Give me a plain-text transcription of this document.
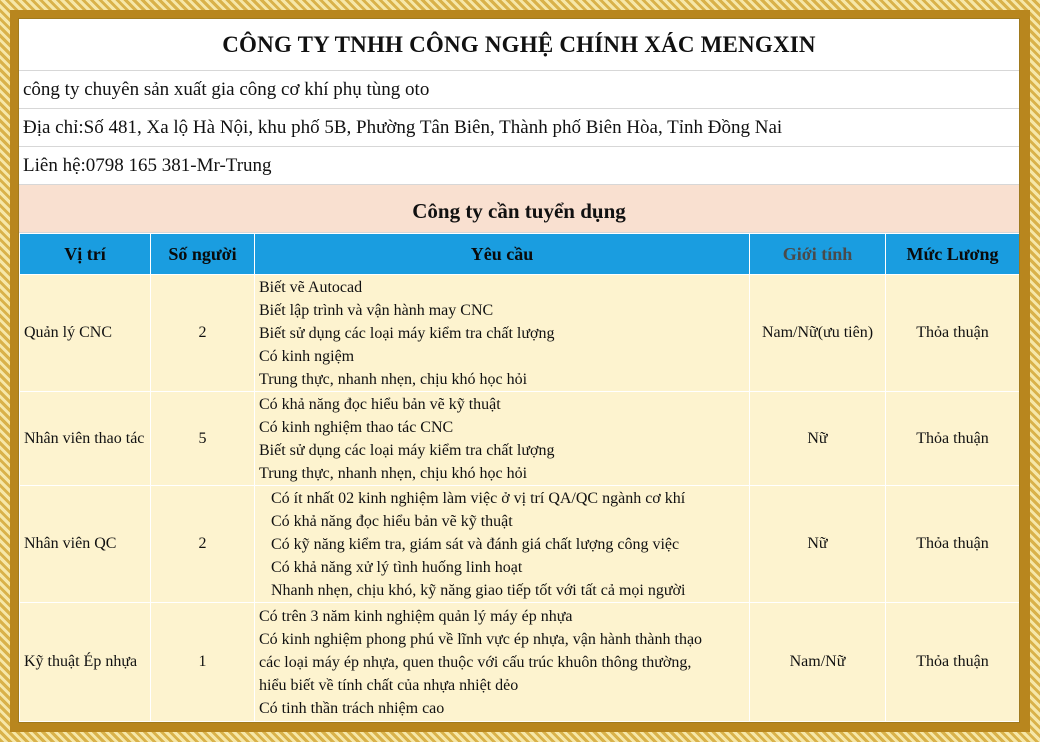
CÔNG TY TNHH CÔNG NGHỆ CHÍNH XÁC MENGXIN
công ty chuyên sản xuất gia công cơ khí phụ tùng oto
Địa chỉ:Số 481, Xa lộ Hà Nội, khu phố 5B, Phường Tân Biên, Thành phố Biên Hòa, Tỉnh Đồng Nai
Liên hệ:0798 165 381-Mr-Trung
Công ty cần tuyển dụng
Vị trí	Số người	Yêu cầu	Giới tính	Mức Lương
Quản lý CNC	2	Biết vẽ Autocad
Biết lập trình và vận hành may CNC
Biết sử dụng các loại máy kiểm tra chất lượng
Có kinh ngiệm
Trung thực, nhanh nhẹn, chịu khó học hỏi	Nam/Nữ(ưu tiên)	Thỏa thuận
Nhân viên thao tác	5	Có khả năng đọc hiểu bản vẽ kỹ thuật
Có kinh nghiệm thao tác CNC
Biết sử dụng các loại máy kiểm tra chất lượng
Trung thực, nhanh nhẹn, chịu khó học hỏi	Nữ	Thỏa thuận
Nhân viên QC	2	Có ít nhất 02 kinh nghiệm làm việc ở vị trí QA/QC ngành cơ khí
Có khả năng đọc hiểu bản vẽ kỹ thuật
Có kỹ năng kiểm tra, giám sát và đánh giá chất lượng công việc
Có khả năng xử lý tình huống linh hoạt
Nhanh nhẹn, chịu khó, kỹ năng giao tiếp tốt với tất cả mọi người	Nữ	Thỏa thuận
Kỹ thuật Ép nhựa	1	Có trên 3 năm kinh nghiệm quản lý máy ép nhựa
Có kinh nghiệm phong phú về lĩnh vực ép nhựa, vận hành thành thạo
các loại máy ép nhựa, quen thuộc với cấu trúc khuôn thông thường,
hiểu biết về tính chất của nhựa nhiệt dẻo
Có tinh thần trách nhiệm cao	Nam/Nữ	Thỏa thuận
